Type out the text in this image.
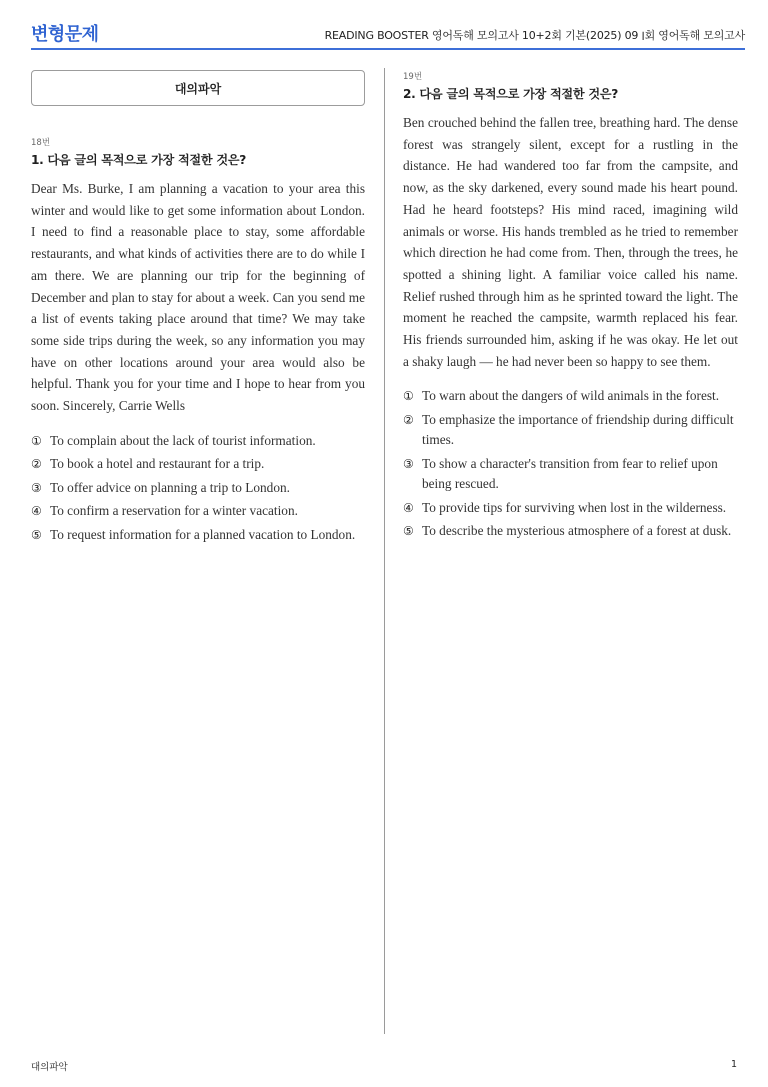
변형문제	READING BOOSTER 영어독해 모의고사 10+2회 기본(2025) ׀ 09회 영어독해 모의고사
대의파악

18번

1. 다음 글의 목적으로 가장 적절한 것은?

Dear Ms. Burke, I am planning a vacation to your area this winter and would like to get some information about London. I need to find a reasonable place to stay, some affordable restaurants, and what kinds of activities there are to do while I am there. We are planning our trip for the beginning of December and plan to stay for about a week. Can you send me a list of events taking place around that time? We may take some side trips during the week, so any information you may have on other locations around your area would also be helpful. Thank you for your time and I hope to hear from you soon. Sincerely, Carrie Wells

① To complain about the lack of tourist information.
② To book a hotel and restaurant for a trip.
③ To offer advice on planning a trip to London.
④ To confirm a reservation for a winter vacation.
⑤ To request information for a planned vacation to London.

19번

2. 다음 글의 목적으로 가장 적절한 것은?

Ben crouched behind the fallen tree, breathing hard. The dense forest was strangely silent, except for a rustling in the distance. He had wandered too far from the campsite, and now, as the sky darkened, every sound made his heart pound. Had he heard footsteps? His mind raced, imagining wild animals or worse. His hands trembled as he tried to remember which direction he had come from. Then, through the trees, he spotted a shining light. A familiar voice called his name. Relief rushed through him as he sprinted toward the light. The moment he reached the campsite, warmth replaced his fear. His friends surrounded him, asking if he was okay. He let out a shaky laugh — he had never been so happy to see them.

① To warn about the dangers of wild animals in the forest.
② To emphasize the importance of friendship during difficult times.
③ To show a character's transition from fear to relief upon being rescued.
④ To provide tips for surviving when lost in the wilderness.
⑤ To describe the mysterious atmosphere of a forest at dusk.
대의파악	1
